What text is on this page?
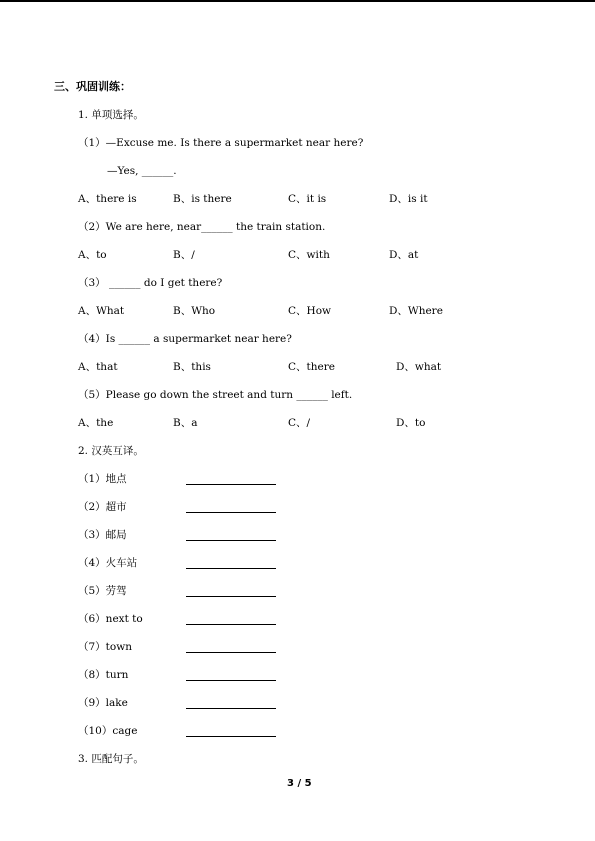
三、巩固训练：
1. 单项选择。
（1）—Excuse me. Is there a supermarket near here?
—Yes, ______.
A、there is	B、is there	C、it is	D、is it
（2）We are here, near______ the train station.
A、to	B、/	C、with	D、at
（3） ______ do I get there?
A、What	B、Who	C、How	D、Where
（4）Is ______ a supermarket near here?
A、that	B、this	C、there	D、what
（5）Please go down the street and turn ______ left.
A、the	B、a	C、/	D、to
2. 汉英互译。
（1）地点
（2）超市
（3）邮局
（4）火车站
（5）劳驾
（6）next to
（7）town
（8）turn
（9）lake
（10）cage
3. 匹配句子。
3 / 5
